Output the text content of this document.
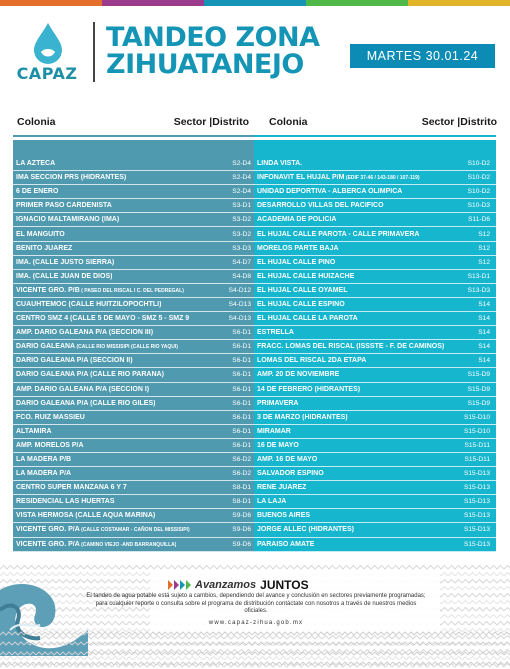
CAPAZ
TANDEO ZONA
ZIHUATANEJO	MARTES 30.01.24
Colonia	Sector |Distrito Colonia	Sector |Distrito
LA AZTECA	S2-D4
IMA SECCION PRS (HIDRANTES)	S2-D4
6 DE ENERO	S2-D4
PRIMER PASO CARDENISTA	S3-D1
IGNACIO MALTAMIRANO (IMA)	S3-D2
EL MANGUITO	S3-D2
BENITO JUAREZ	S3-D3
IMA. (CALLE JUSTO SIERRA)	S4-D7
IMA. (CALLE JUAN DE DIOS)	S4-D8
VICENTE GRO. P/B ( PASEO DEL RISCAL I C. DEL PEDREGAL)	S4-D12
CUAUHTEMOC (CALLE HUITZILOPOCHTLI)	S4-D13
CENTRO SMZ 4 (CALLE 5 DE MAYO - SMZ 5 - SMZ 9	S4-D13
AMP. DARIO GALEANA P/A (SECCION III)	S6-D1
DARIO GALEANA (CALLE RIO MISSISIPI (CALLE RIO YAQUI)	S6-D1
DARIO GALEANA P/A (SECCION II)	S6-D1
DARIO GALEANA P/A (CALLE RIO PARANA)	S6-D1
AMP. DARIO GALEANA P/A (SECCION I)	S6-D1
DARIO GALEANA P/A (CALLE RIO GILES)	S6-D1
FCO. RUIZ MASSIEU	S6-D1
ALTAMIRA	S6-D1
AMP. MORELOS P/A	S6-D1
LA MADERA P/B	S6-D2
LA MADERA P/A	S6-D2
CENTRO SUPER MANZANA 6 Y 7	S8-D1
RESIDENCIAL LAS HUERTAS	S8-D1
VISTA HERMOSA (CALLE AQUA MARINA)	S9-D6
VICENTE GRO. P/A (CALLE COSTAMAR - CAÑON DEL MISSISIPI)	S9-D6
VICENTE GRO. P/A (CAMINO VIEJO -AND BARRANQUILLA)	S9-D6
LINDA VISTA.	S10-D2
INFONAVIT EL HUJAL P/M (EDIF 37-46 / 143-180 / 107-119)	S10-D2
UNIDAD DEPORTIVA - ALBERCA OLIMPICA	S10-D2
DESARROLLO VILLAS DEL PACIFICO	S10-D3
ACADEMIA DE POLICIA	S11-D6
EL HUJAL CALLE PAROTA - CALLE PRIMAVERA	S12
MORELOS PARTE BAJA	S12
EL HUJAL CALLE PINO	S12
EL HUJAL CALLE HUIZACHE	S13-D1
EL HUJAL CALLE OYAMEL	S13-D3
EL HUJAL CALLE ESPINO	S14
EL HUJAL CALLE LA PAROTA	S14
ESTRELLA	S14
FRACC. LOMAS DEL RISCAL (ISSSTE - F. DE CAMINOS)	S14
LOMAS DEL RISCAL 2DA ETAPA	S14
AMP. 20 DE NOVIEMBRE	S15-D9
14 DE FEBRERO (HIDRANTES)	S15-D9
PRIMAVERA	S15-D9
3 DE MARZO (HIDRANTES)	S15-D10
MIRAMAR	S15-D10
16 DE MAYO	S15-D11
AMP. 16 DE MAYO	S15-D11
SALVADOR ESPINO	S15-D13
RENE JUAREZ	S15-D13
LA LAJA	S15-D13
BUENOS AIRES	S15-D13
JORGE ALLEC (HIDRANTES)	S15-D13
PARAISO AMATE	S15-D13
Avanzamos JUNTOS
El tandeo de agua potable está sujeto a cambios, dependiendo del avance y conclusión en sectores previamente programadas; para cualquier reporte o consulta sobre el programa de distribución contáctate con nosotros a través de nuestros medios oficiales.
www.capaz-zihua.gob.mx
